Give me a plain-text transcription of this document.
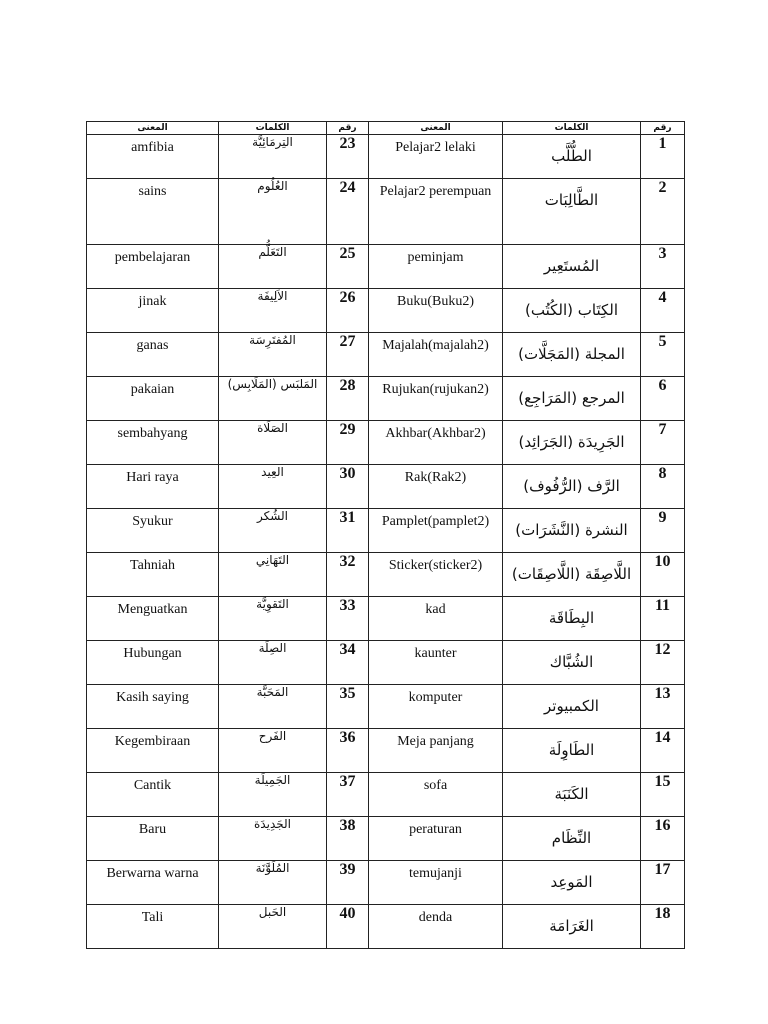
المعنى	الكلمات	رقم	المعنى	الكلمات	رقم
amfibia	التِرمَائِيَّة	23	Pelajar2 lelaki	الطُّلَّب	1
sains	العُلُوم	24	Pelajar2 perempuan	الطَّالِبَات	2
pembelajaran	التَعَلُّم	25	peminjam	المُستَعِير	3
jinak	الاَلِيفَة	26	Buku(Buku2)	الكِتَاب (الكُتُب)	4
ganas	المُفتَرِسَة	27	Majalah(majalah2)	المجلة (المَجَلَّات)	5
pakaian	المَلبَس (المَلَابِس)	28	Rujukan(rujukan2)	المرجع (المَرَاجِع)	6
sembahyang	الصَلَاة	29	Akhbar(Akhbar2)	الجَرِيدَة (الجَرَائِد)	7
Hari raya	العِيد	30	Rak(Rak2)	الرَّف (الرُّفُوف)	8
Syukur	الشُكر	31	Pamplet(pamplet2)	النشرة (النَّشَرَات)	9
Tahniah	التَهَانِي	32	Sticker(sticker2)	اللَّاصِقَة (اللَّاصِقَات)	10
Menguatkan	التَقوِيَّة	33	kad	البِطَاقَة	11
Hubungan	الصِلَة	34	kaunter	الشُبَّاك	12
Kasih saying	المَحَبَّة	35	komputer	الكمبيوتر	13
Kegembiraan	الفَرح	36	Meja panjang	الطَاوِلَة	14
Cantik	الجَمِيلَة	37	sofa	الكَنَبَة	15
Baru	الجَدِيدَة	38	peraturan	النِّظَام	16
Berwarna warna	المُلَوَّنَة	39	temujanji	المَوعِد	17
Tali	الحَبل	40	denda	الغَرَامَة	18
